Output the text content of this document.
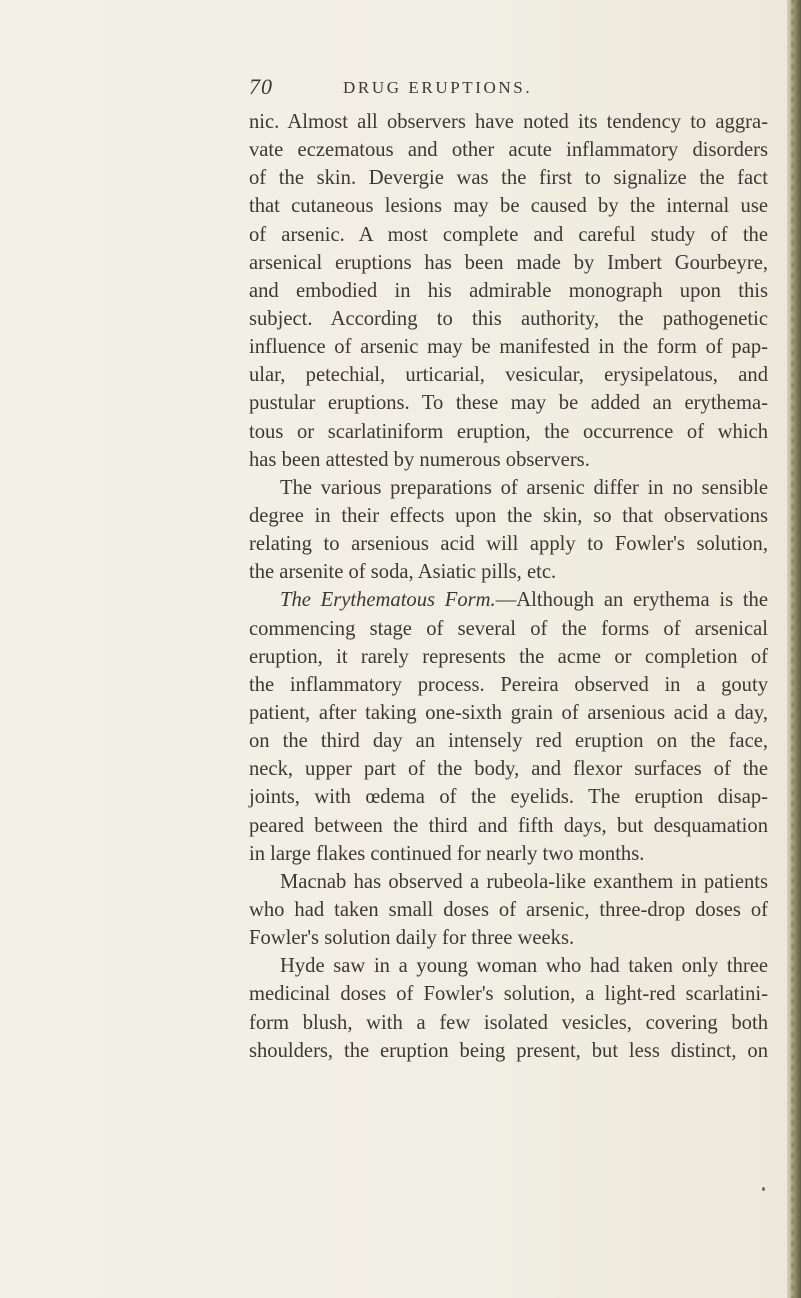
70	DRUG ERUPTIONS.

nic. Almost all observers have noted its tendency to aggra-
vate eczematous and other acute inflammatory disorders
of the skin. Devergie was the first to signalize the fact
that cutaneous lesions may be caused by the internal use
of arsenic. A most complete and careful study of the
arsenical eruptions has been made by Imbert Gourbeyre,
and embodied in his admirable monograph upon this
subject. According to this authority, the pathogenetic
influence of arsenic may be manifested in the form of pap-
ular, petechial, urticarial, vesicular, erysipelatous, and
pustular eruptions. To these may be added an erythema-
tous or scarlatiniform eruption, the occurrence of which
has been attested by numerous observers.

The various preparations of arsenic differ in no sensible
degree in their effects upon the skin, so that observations
relating to arsenious acid will apply to Fowler's solution,
the arsenite of soda, Asiatic pills, etc.

The Erythematous Form.—Although an erythema is the
commencing stage of several of the forms of arsenical
eruption, it rarely represents the acme or completion of
the inflammatory process. Pereira observed in a gouty
patient, after taking one-sixth grain of arsenious acid a day,
on the third day an intensely red eruption on the face,
neck, upper part of the body, and flexor surfaces of the
joints, with œdema of the eyelids. The eruption disap-
peared between the third and fifth days, but desquamation
in large flakes continued for nearly two months.

Macnab has observed a rubeola-like exanthem in patients
who had taken small doses of arsenic, three-drop doses of
Fowler's solution daily for three weeks.

Hyde saw in a young woman who had taken only three
medicinal doses of Fowler's solution, a light-red scarlatini-
form blush, with a few isolated vesicles, covering both
shoulders, the eruption being present, but less distinct, on
